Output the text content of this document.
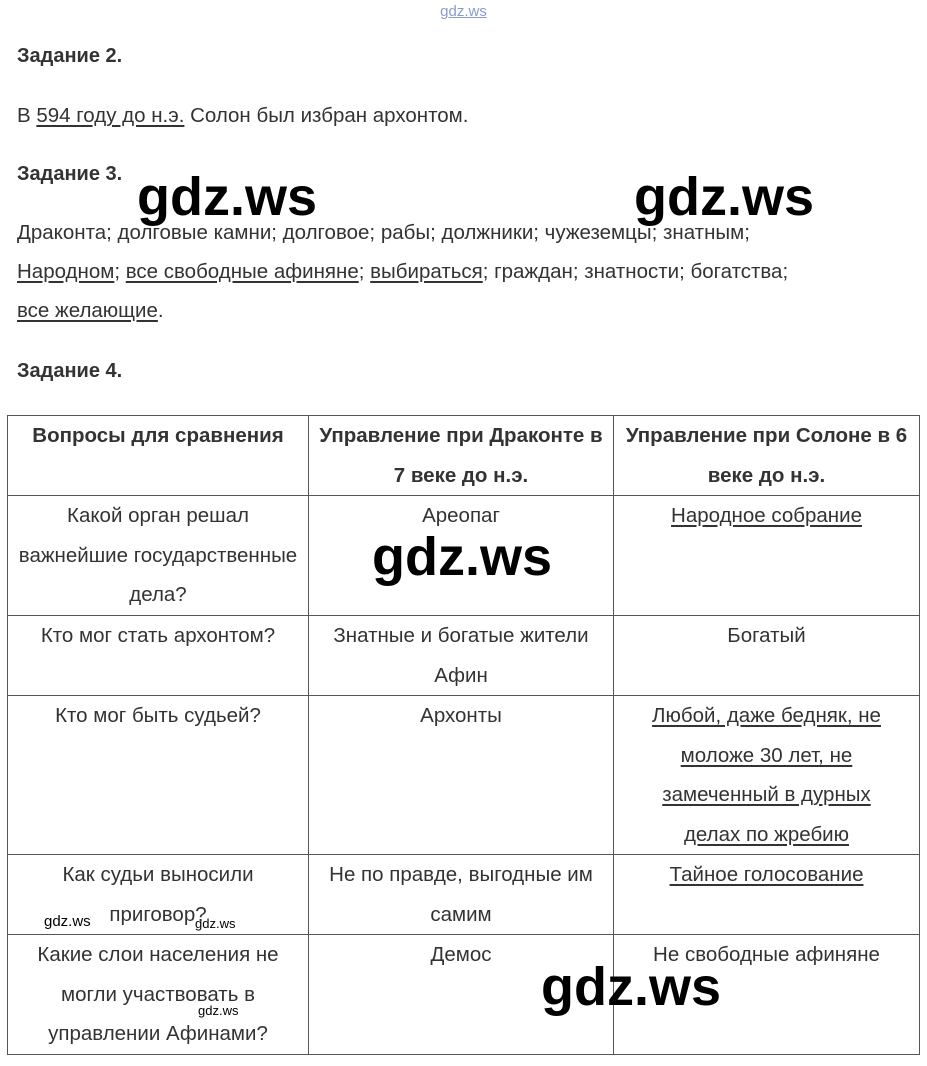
gdz.ws
Задание 2.
В 594 году до н.э. Солон был избран архонтом.
Задание 3.
Драконта; долговые камни; долговое; рабы; должники; чужеземцы; знатным;
Народном; все свободные афиняне; выбираться; граждан; знатности; богатства;
все желающие.
Задание 4.
Вопросы для сравнения	Управление при Драконте в 7 веке до н.э.	Управление при Солоне в 6 веке до н.э.
Какой орган решал важнейшие государственные дела?	Ареопаг	Народное собрание
Кто мог стать архонтом?	Знатные и богатые жители Афин	Богатый
Кто мог быть судьей?	Архонты	Любой, даже бедняк, не моложе 30 лет, не замеченный в дурных делах по жребию
Как судьи выносили приговор?	Не по правде, выгодные им самим	Тайное голосование
Какие слои населения не могли участвовать в управлении Афинами?	Демос	Не свободные афиняне
gdz.ws	gdz.ws
gdz.ws
gdz.ws
gdz.ws	gdz.ws
gdz.ws
